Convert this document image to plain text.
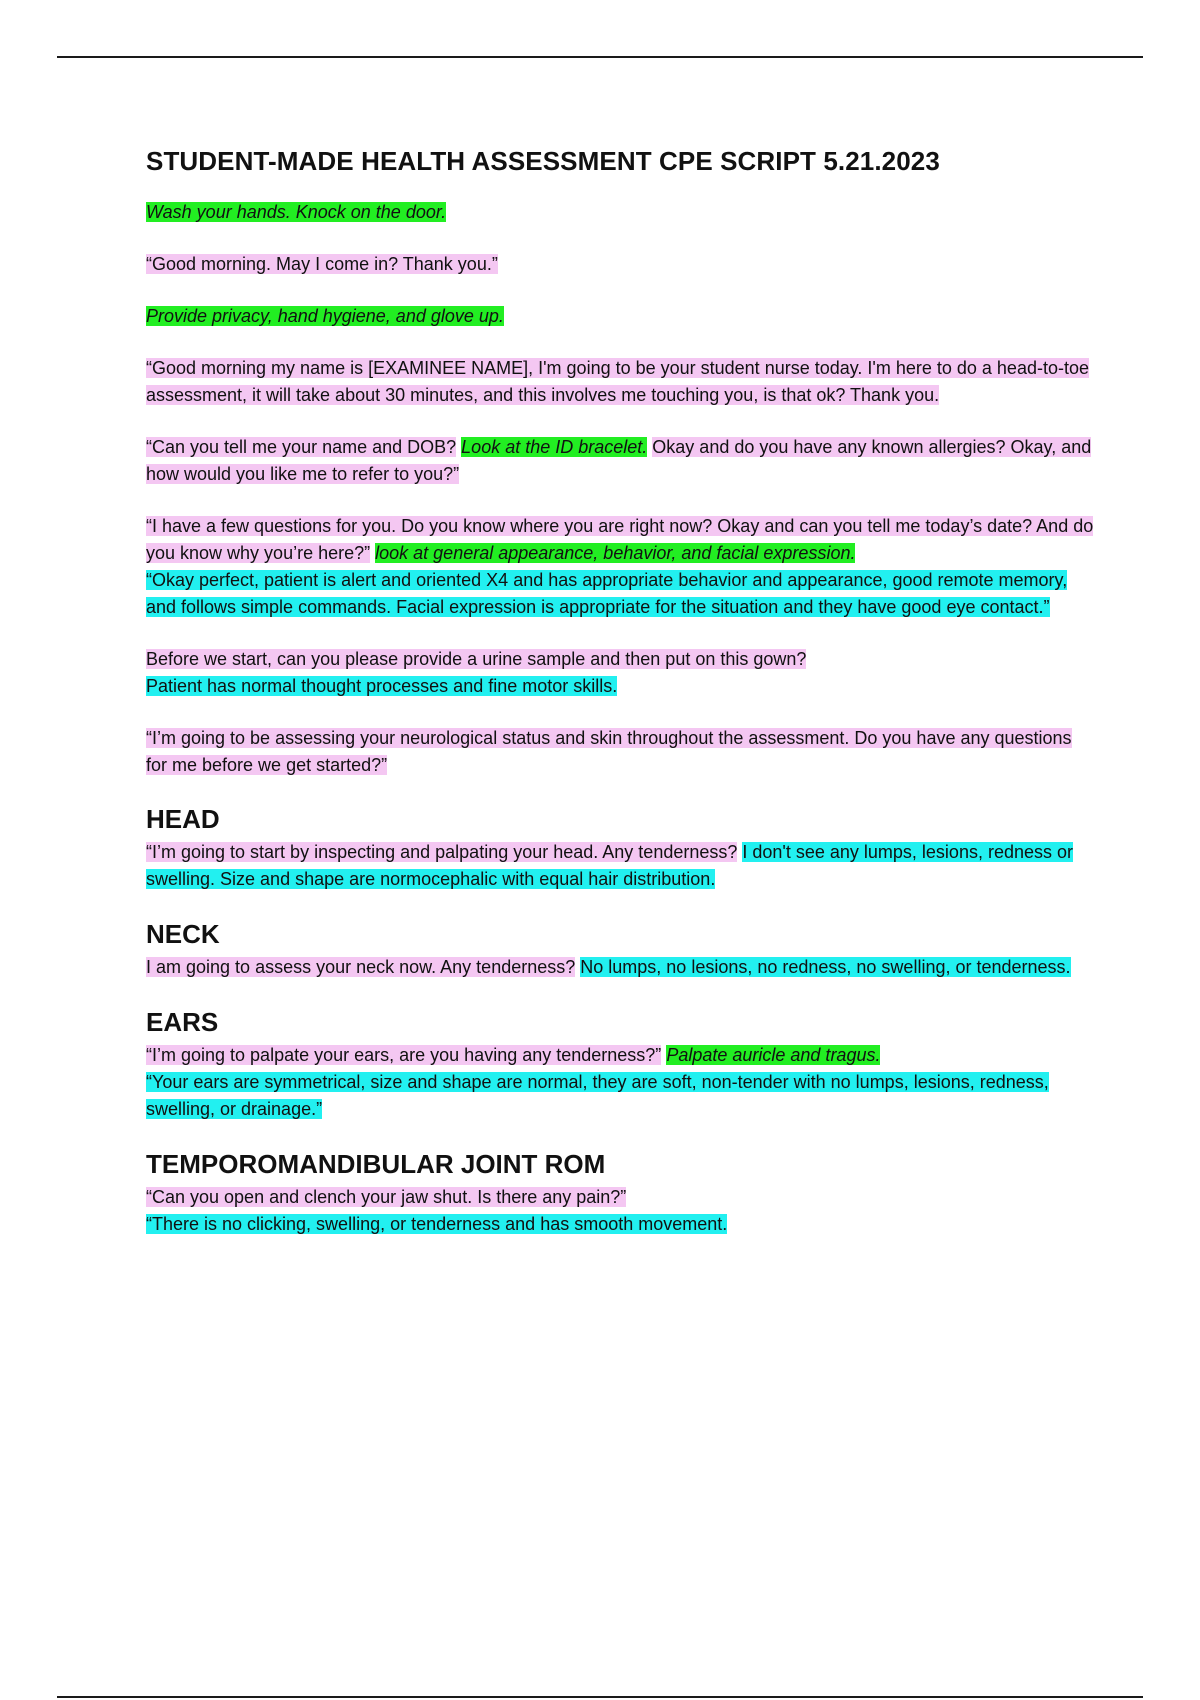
STUDENT-MADE HEALTH ASSESSMENT CPE SCRIPT 5.21.2023

Wash your hands. Knock on the door.

“Good morning. May I come in? Thank you.”

Provide privacy, hand hygiene, and glove up.

“Good morning my name is [EXAMINEE NAME], I'm going to be your student nurse today. I'm here to do a head-to-toe assessment, it will take about 30 minutes, and this involves me touching you, is that ok? Thank you.

“Can you tell me your name and DOB? Look at the ID bracelet. Okay and do you have any known allergies? Okay, and how would you like me to refer to you?”

“I have a few questions for you. Do you know where you are right now? Okay and can you tell me today’s date? And do you know why you’re here?” look at general appearance, behavior, and facial expression.
“Okay perfect, patient is alert and oriented X4 and has appropriate behavior and appearance, good remote memory, and follows simple commands. Facial expression is appropriate for the situation and they have good eye contact.”

Before we start, can you please provide a urine sample and then put on this gown?
Patient has normal thought processes and fine motor skills.

“I’m going to be assessing your neurological status and skin throughout the assessment. Do you have any questions for me before we get started?”

HEAD

“I’m going to start by inspecting and palpating your head. Any tenderness? I don't see any lumps, lesions, redness or swelling. Size and shape are normocephalic with equal hair distribution.

NECK

I am going to assess your neck now. Any tenderness? No lumps, no lesions, no redness, no swelling, or tenderness.

EARS

“I’m going to palpate your ears, are you having any tenderness?” Palpate auricle and tragus.
“Your ears are symmetrical, size and shape are normal, they are soft, non-tender with no lumps, lesions, redness, swelling, or drainage.”

TEMPOROMANDIBULAR JOINT ROM

“Can you open and clench your jaw shut. Is there any pain?”
“There is no clicking, swelling, or tenderness and has smooth movement.
